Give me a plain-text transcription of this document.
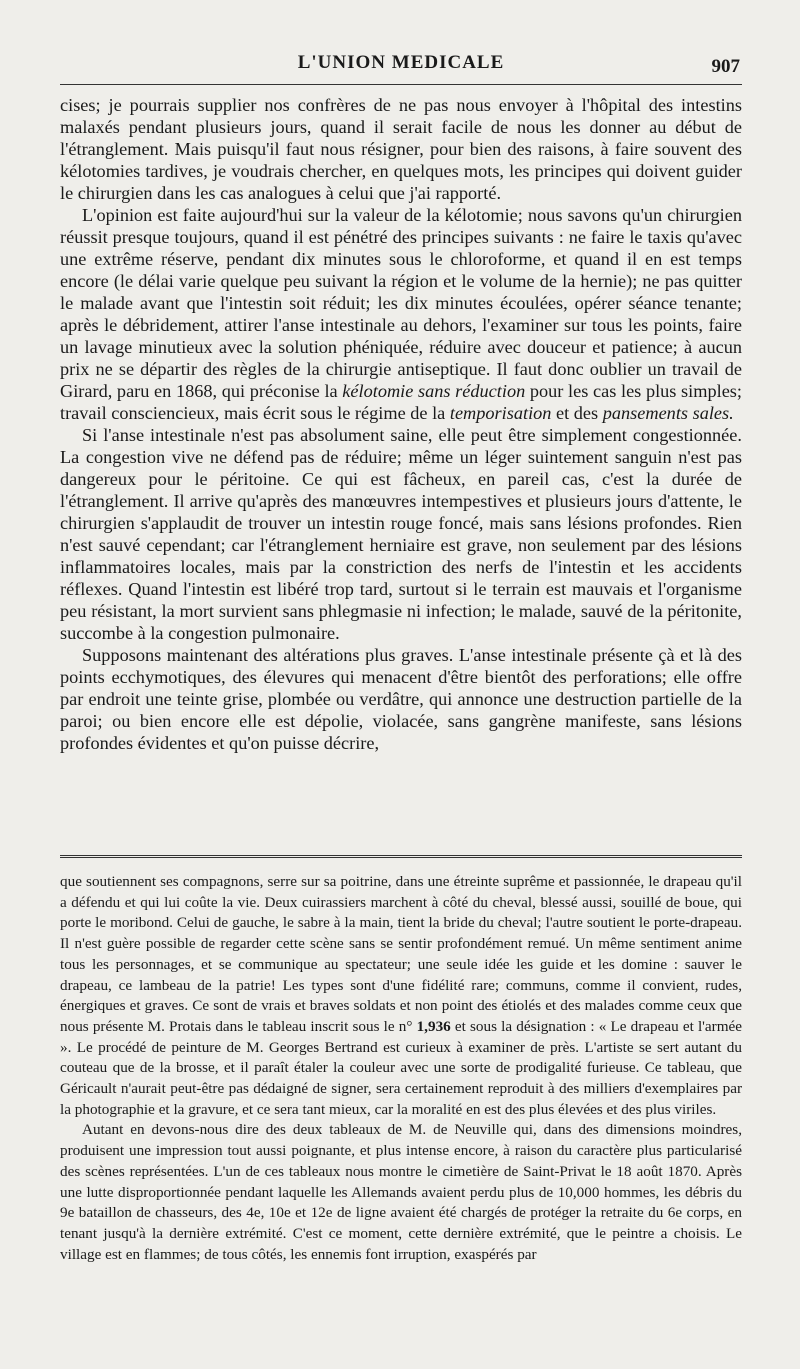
L'UNION MEDICALE	907

cises; je pourrais supplier nos confrères de ne pas nous envoyer à l'hôpital des intestins malaxés pendant plusieurs jours, quand il serait facile de nous les donner au début de l'étranglement. Mais puisqu'il faut nous résigner, pour bien des raisons, à faire souvent des kélotomies tardives, je voudrais chercher, en quelques mots, les principes qui doivent guider le chirurgien dans les cas analogues à celui que j'ai rapporté.

L'opinion est faite aujourd'hui sur la valeur de la kélotomie; nous savons qu'un chirurgien réussit presque toujours, quand il est pénétré des principes suivants : ne faire le taxis qu'avec une extrême réserve, pendant dix minutes sous le chloroforme, et quand il en est temps encore (le délai varie quelque peu suivant la région et le volume de la hernie); ne pas quitter le malade avant que l'intestin soit réduit; les dix minutes écoulées, opérer séance tenante; après le débridement, attirer l'anse intestinale au dehors, l'examiner sur tous les points, faire un lavage minutieux avec la solution phéniquée, réduire avec douceur et patience; à aucun prix ne se départir des règles de la chirurgie antiseptique. Il faut donc oublier un travail de Girard, paru en 1868, qui préconise la kélotomie sans réduction pour les cas les plus simples; travail consciencieux, mais écrit sous le régime de la temporisation et des pansements sales.

Si l'anse intestinale n'est pas absolument saine, elle peut être simplement congestionnée. La congestion vive ne défend pas de réduire; même un léger suintement sanguin n'est pas dangereux pour le péritoine. Ce qui est fâcheux, en pareil cas, c'est la durée de l'étranglement. Il arrive qu'après des manœuvres intempestives et plusieurs jours d'attente, le chirurgien s'applaudit de trouver un intestin rouge foncé, mais sans lésions profondes. Rien n'est sauvé cependant; car l'étranglement herniaire est grave, non seulement par des lésions inflammatoires locales, mais par la constriction des nerfs de l'intestin et les accidents réflexes. Quand l'intestin est libéré trop tard, surtout si le terrain est mauvais et l'organisme peu résistant, la mort survient sans phlegmasie ni infection; le malade, sauvé de la péritonite, succombe à la congestion pulmonaire.

Supposons maintenant des altérations plus graves. L'anse intestinale présente çà et là des points ecchymotiques, des élevures qui menacent d'être bientôt des perforations; elle offre par endroit une teinte grise, plombée ou verdâtre, qui annonce une destruction partielle de la paroi; ou bien encore elle est dépolie, violacée, sans gangrène manifeste, sans lésions profondes évidentes et qu'on puisse décrire,

que soutiennent ses compagnons, serre sur sa poitrine, dans une étreinte suprême et passionnée, le drapeau qu'il a défendu et qui lui coûte la vie. Deux cuirassiers marchent à côté du cheval, blessé aussi, souillé de boue, qui porte le moribond. Celui de gauche, le sabre à la main, tient la bride du cheval; l'autre soutient le porte-drapeau. Il n'est guère possible de regarder cette scène sans se sentir profondément remué. Un même sentiment anime tous les personnages, et se communique au spectateur; une seule idée les guide et les domine : sauver le drapeau, ce lambeau de la patrie! Les types sont d'une fidélité rare; communs, comme il convient, rudes, énergiques et graves. Ce sont de vrais et braves soldats et non point des étiolés et des malades comme ceux que nous présente M. Protais dans le tableau inscrit sous le n° 1,936 et sous la désignation : « Le drapeau et l'armée ». Le procédé de peinture de M. Georges Bertrand est curieux à examiner de près. L'artiste se sert autant du couteau que de la brosse, et il paraît étaler la couleur avec une sorte de prodigalité furieuse. Ce tableau, que Géricault n'aurait peut-être pas dédaigné de signer, sera certainement reproduit à des milliers d'exemplaires par la photographie et la gravure, et ce sera tant mieux, car la moralité en est des plus élevées et des plus viriles.

Autant en devons-nous dire des deux tableaux de M. de Neuville qui, dans des dimensions moindres, produisent une impression tout aussi poignante, et plus intense encore, à raison du caractère plus particularisé des scènes représentées. L'un de ces tableaux nous montre le cimetière de Saint-Privat le 18 août 1870. Après une lutte disproportionnée pendant laquelle les Allemands avaient perdu plus de 10,000 hommes, les débris du 9e bataillon de chasseurs, des 4e, 10e et 12e de ligne avaient été chargés de protéger la retraite du 6e corps, en tenant jusqu'à la dernière extrémité. C'est ce moment, cette dernière extrémité, que le peintre a choisis. Le village est en flammes; de tous côtés, les ennemis font irruption, exaspérés par
